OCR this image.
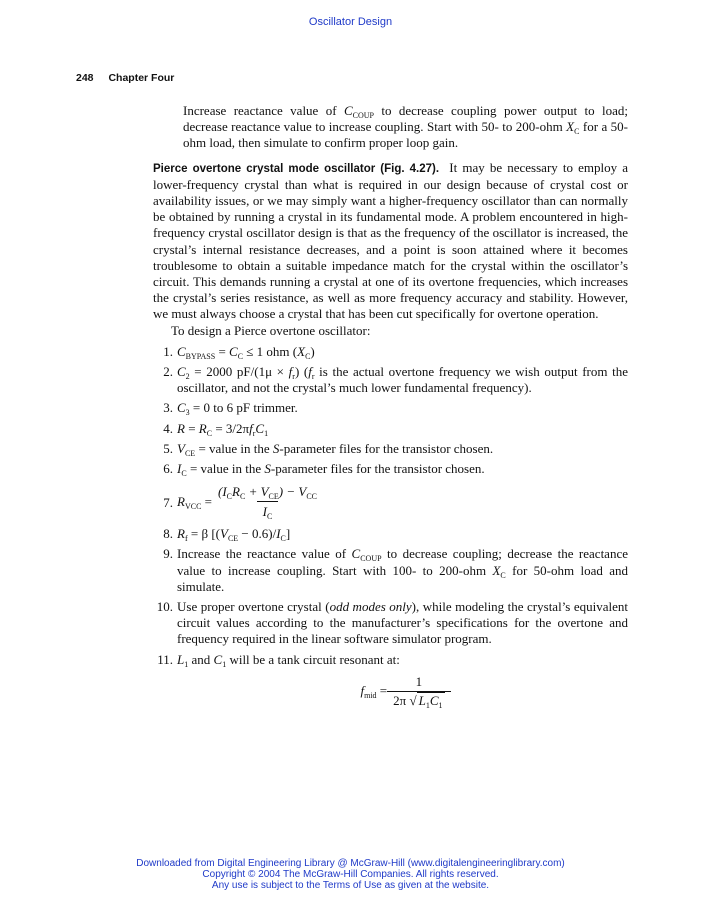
Oscillator Design
248 Chapter Four

Increase reactance value of $C_{COUP}$ to decrease coupling power output to load; decrease reactance value to increase coupling. Start with 50- to 200-ohm $X_C$ for a 50-ohm load, then simulate to confirm proper loop gain.

Pierce overtone crystal mode oscillator (Fig. 4.27). It may be necessary to employ a lower-frequency crystal than what is required in our design because of crystal cost or availability issues, or we may simply want a higher-frequency oscillator than can normally be obtained by running a crystal in its fundamental mode. A problem encountered in high-frequency crystal oscillator design is that as the frequency of the oscillator is increased, the crystal’s internal resistance decreases, and a point is soon attained where it becomes troublesome to obtain a suitable impedance match for the crystal within the oscillator’s circuit. This demands running a crystal at one of its overtone frequencies, which increases the crystal’s series resistance, as well as more frequency accuracy and stability. However, we must always choose a crystal that has been cut specifically for overtone operation.

To design a Pierce overtone oscillator:

1. $C_{BYPASS} = C_C \le 1$ ohm $(X_C)$
2. $C_2 = 2000$ $pF/(1\mu \times f_r)$ ($f_r$ is the actual overtone frequency we wish output from the oscillator, and not the crystal’s much lower fundamental frequency).
3. $C_3 = 0$ to 6 pF trimmer.
4. $R = R_C = 3/2\pi f_rC_1$
5. $V_{CE}$ = value in the S-parameter files for the transistor chosen.
6. $I_C$ = value in the S-parameter files for the transistor chosen.
7. $R_{VCC} = \frac{(I_CR_C + V_{CE}) - V_{CC}}{I_C}$
8. $R_f = \beta$ $[(V_{CE} - 0.6)/I_C]$
9. Increase the reactance value of $C_{COUP}$ to decrease coupling; decrease the reactance value to increase coupling. Start with 100- to 200-ohm $X_C$ for 50-ohm load and simulate.
10. Use proper overtone crystal (odd modes only), while modeling the crystal’s equivalent circuit values according to the manufacturer’s specifications for the overtone and frequency required in the linear software simulator program.
11. $L_1$ and $C_1$ will be a tank circuit resonant at:
$f_{mid} = \frac{1}{2\pi √ L_1C_1}$
Downloaded from Digital Engineering Library @ McGraw-Hill (www.digitalengineeringlibrary.com)
Copyright © 2004 The McGraw-Hill Companies. All rights reserved.
Any use is subject to the Terms of Use as given at the website.
